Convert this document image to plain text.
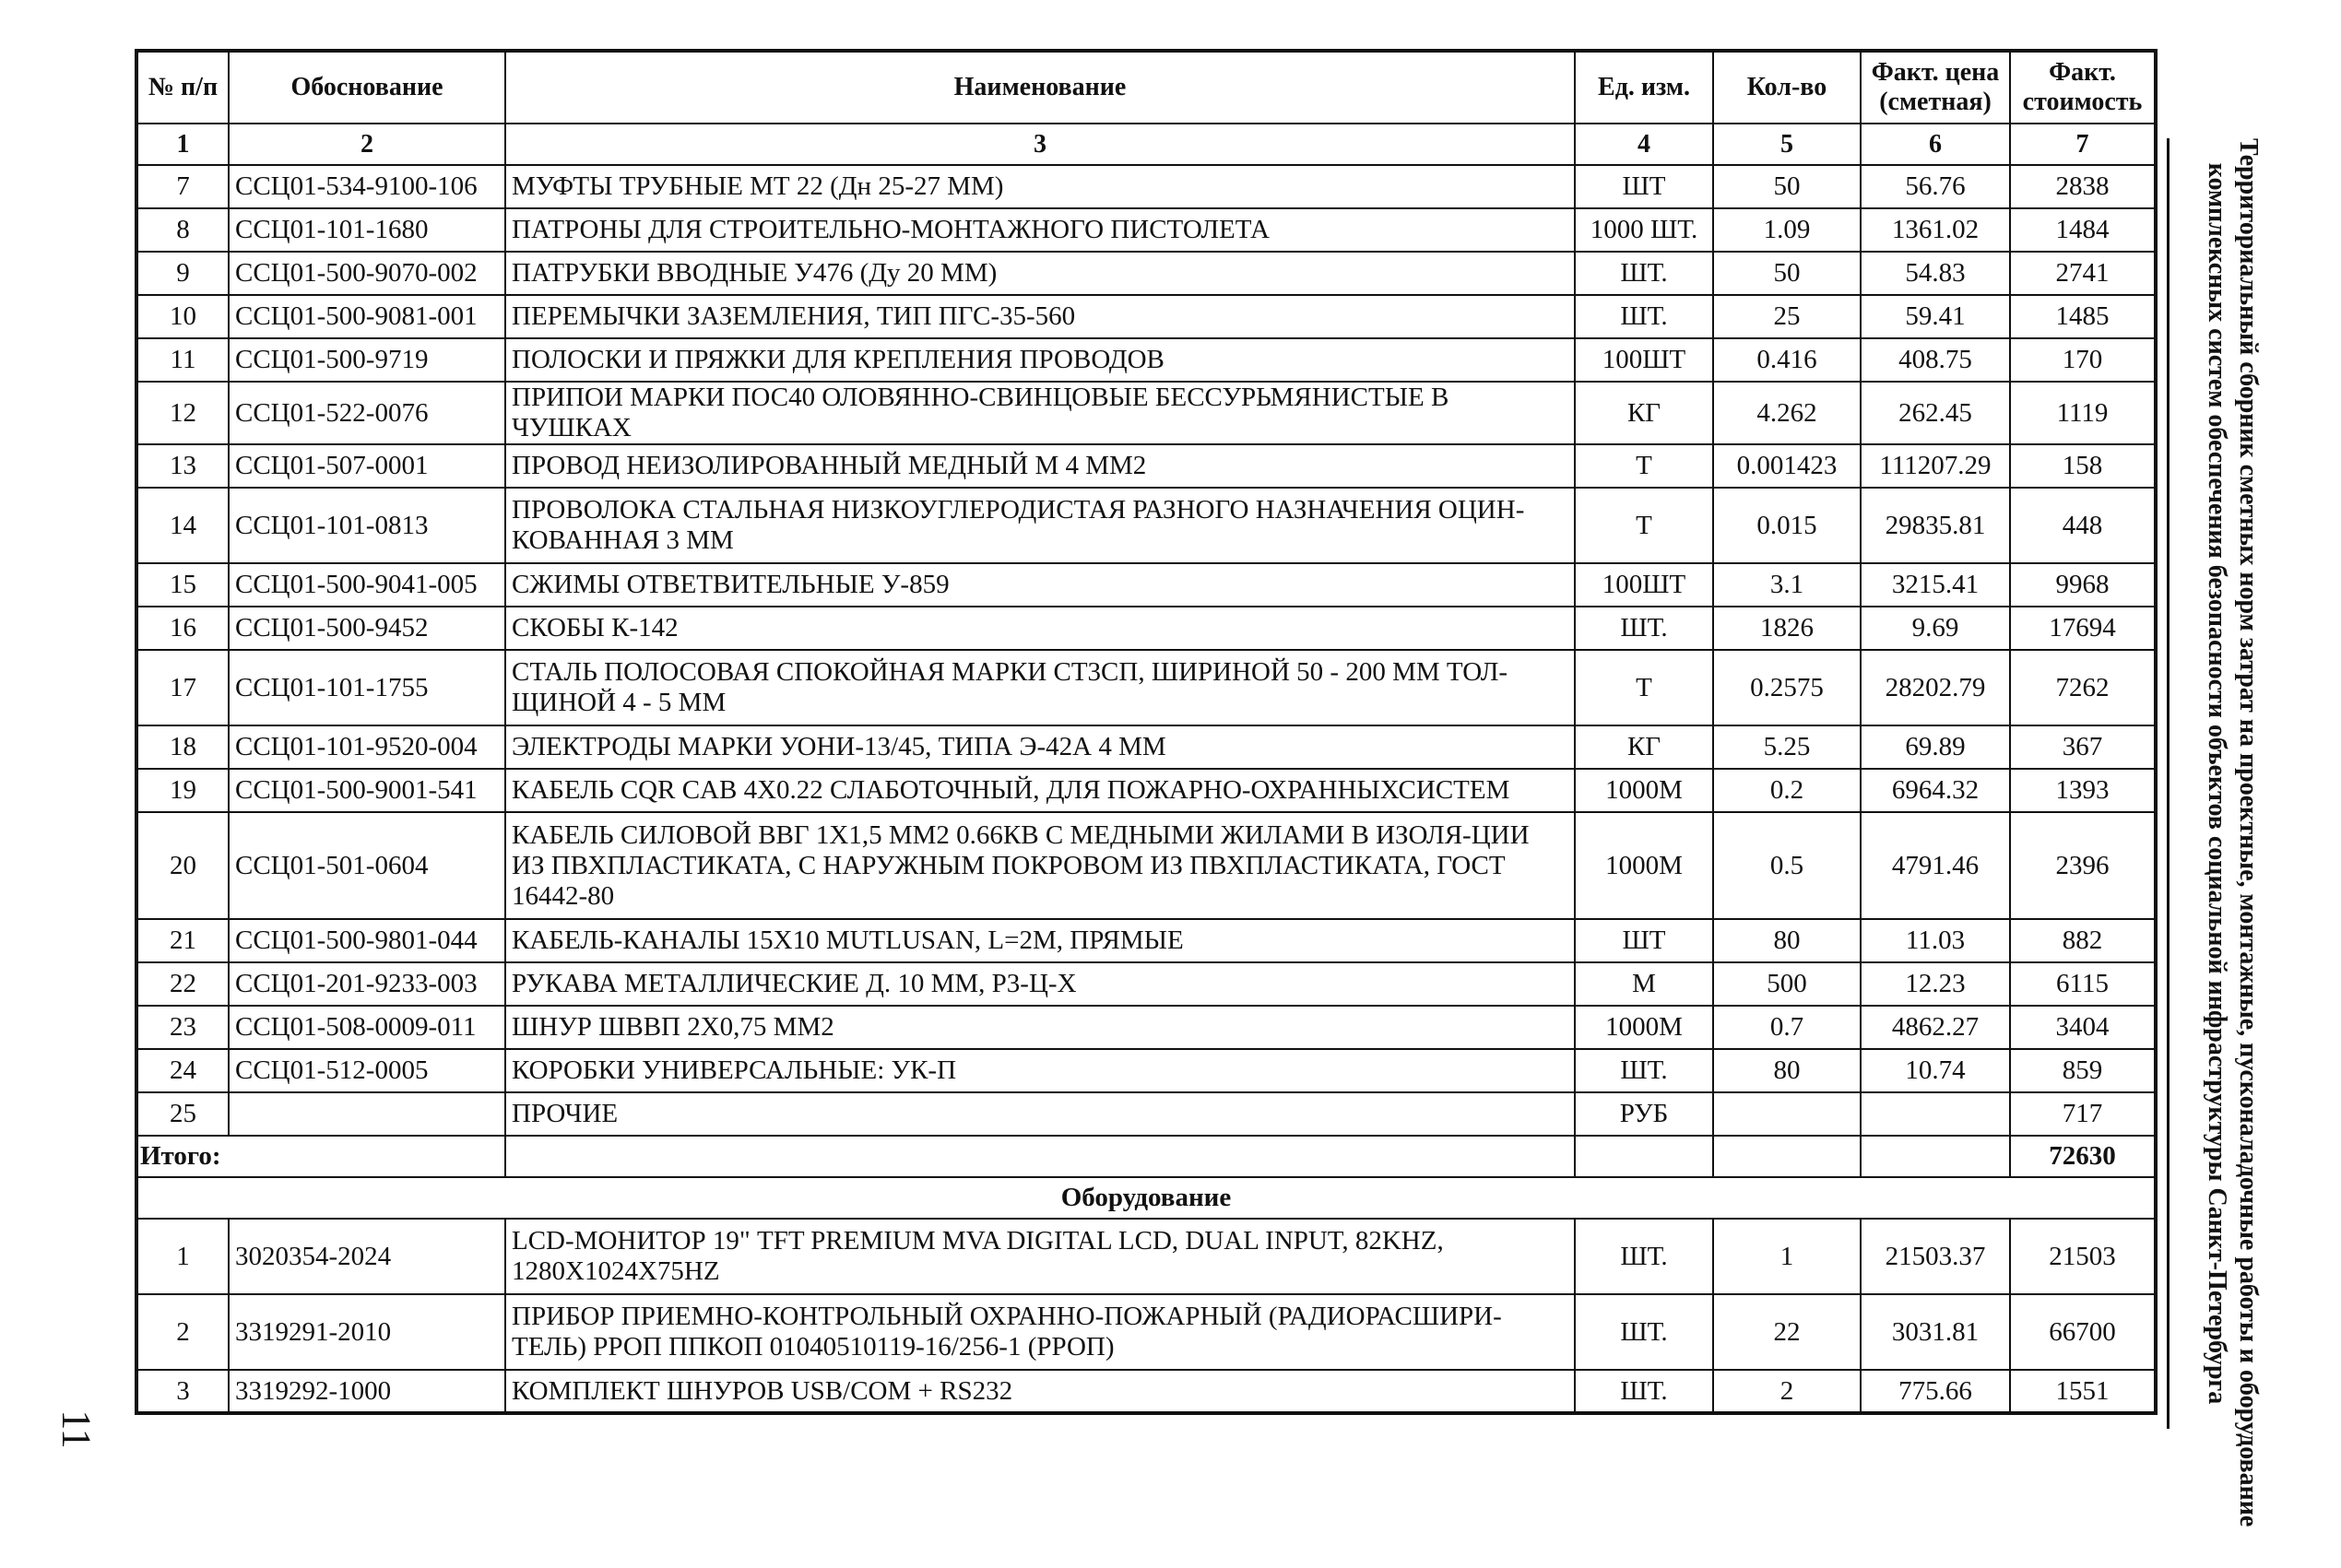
№ п/п	Обоснование	Наименование	Ед. изм.	Кол-во	Факт. цена (сметная)	Факт. стоимость
1	2	3	4	5	6	7
7	ССЦ01-534-9100-106	МУФТЫ ТРУБНЫЕ МТ 22 (Дн 25-27 ММ)	ШТ	50	56.76	2838
8	ССЦ01-101-1680	ПАТРОНЫ ДЛЯ СТРОИТЕЛЬНО-МОНТАЖНОГО ПИСТОЛЕТА	1000 ШТ.	1.09	1361.02	1484
9	ССЦ01-500-9070-002	ПАТРУБКИ ВВОДНЫЕ У476 (Ду 20 ММ)	ШТ.	50	54.83	2741
10	ССЦ01-500-9081-001	ПЕРЕМЫЧКИ ЗАЗЕМЛЕНИЯ, ТИП ПГС-35-560	ШТ.	25	59.41	1485
11	ССЦ01-500-9719	ПОЛОСКИ И ПРЯЖКИ ДЛЯ КРЕПЛЕНИЯ ПРОВОДОВ	100ШТ	0.416	408.75	170
12	ССЦ01-522-0076	ПРИПОИ МАРКИ ПОС40 ОЛОВЯННО-СВИНЦОВЫЕ БЕССУРЬМЯНИСТЫЕ В ЧУШКАХ	КГ	4.262	262.45	1119
13	ССЦ01-507-0001	ПРОВОД НЕИЗОЛИРОВАННЫЙ МЕДНЫЙ М 4 ММ2	Т	0.001423	111207.29	158
14	ССЦ01-101-0813	ПРОВОЛОКА СТАЛЬНАЯ НИЗКОУГЛЕРОДИСТАЯ РАЗНОГО НАЗНАЧЕНИЯ ОЦИН-КОВАННАЯ 3 ММ	Т	0.015	29835.81	448
15	ССЦ01-500-9041-005	СЖИМЫ ОТВЕТВИТЕЛЬНЫЕ У-859	100ШТ	3.1	3215.41	9968
16	ССЦ01-500-9452	СКОБЫ К-142	ШТ.	1826	9.69	17694
17	ССЦ01-101-1755	СТАЛЬ ПОЛОСОВАЯ СПОКОЙНАЯ МАРКИ СТ3СП, ШИРИНОЙ 50 - 200 ММ ТОЛ-ЩИНОЙ 4 - 5 ММ	Т	0.2575	28202.79	7262
18	ССЦ01-101-9520-004	ЭЛЕКТРОДЫ МАРКИ УОНИ-13/45, ТИПА Э-42А 4 ММ	КГ	5.25	69.89	367
19	ССЦ01-500-9001-541	КАБЕЛЬ CQR CAB 4X0.22 СЛАБОТОЧНЫЙ, ДЛЯ ПОЖАРНО-ОХРАННЫХСИСТЕМ	1000М	0.2	6964.32	1393
20	ССЦ01-501-0604	КАБЕЛЬ СИЛОВОЙ ВВГ 1Х1,5 ММ2 0.66КВ С МЕДНЫМИ ЖИЛАМИ В ИЗОЛЯ-ЦИИ ИЗ ПВХПЛАСТИКАТА, С НАРУЖНЫМ ПОКРОВОМ ИЗ ПВХПЛАСТИКАТА, ГОСТ 16442-80	1000М	0.5	4791.46	2396
21	ССЦ01-500-9801-044	КАБЕЛЬ-КАНАЛЫ 15Х10 MUTLUSAN, L=2M, ПРЯМЫЕ	ШТ	80	11.03	882
22	ССЦ01-201-9233-003	РУКАВА МЕТАЛЛИЧЕСКИЕ Д. 10 ММ, Р3-Ц-Х	М	500	12.23	6115
23	ССЦ01-508-0009-011	ШНУР ШВВП 2Х0,75 ММ2	1000М	0.7	4862.27	3404
24	ССЦ01-512-0005	КОРОБКИ УНИВЕРСАЛЬНЫЕ: УК-П	ШТ.	80	10.74	859
25		ПРОЧИЕ	РУБ			717
Итого:						72630
Оборудование						
1	3020354-2024	LCD-МОНИТОР 19" TFT PREMIUM MVA DIGITAL LCD, DUAL INPUT, 82KHZ, 1280X1024X75HZ	ШТ.	1	21503.37	21503
2	3319291-2010	ПРИБОР ПРИЕМНО-КОНТРОЛЬНЫЙ ОХРАННО-ПОЖАРНЫЙ (РАДИОРАСШИРИ-ТЕЛЬ) РРОП ППКОП 01040510119-16/256-1 (РРОП)	ШТ.	22	3031.81	66700
3	3319292-1000	КОМПЛЕКТ ШНУРОВ USB/COM + RS232	ШТ.	2	775.66	1551	Территориальный сборник сметных норм затрат на проектные, монтажные, пусконаладочные работы и оборудование
комплексных систем обеспечения безопасности объектов социальной инфраструктуры Санкт-Петербурга
11
